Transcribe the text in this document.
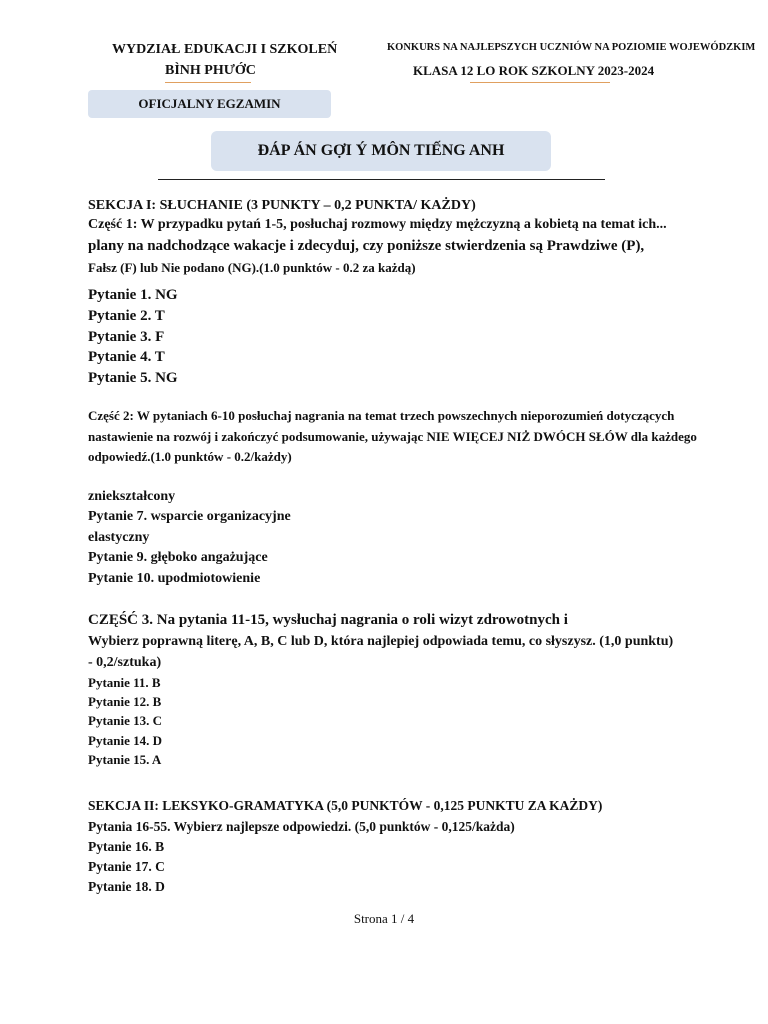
WYDZIAŁ EDUKACJI I SZKOLEŃ
BÌNH PHƯỚC
KONKURS NA NAJLEPSZYCH UCZNIÓW NA POZIOMIE WOJEWÓDZKIM
KLASA 12 LO ROK SZKOLNY 2023-2024
OFICJALNY EGZAMIN
ĐÁP ÁN GỢI Ý MÔN TIẾNG ANH
SEKCJA I: SŁUCHANIE (3 PUNKTY – 0,2 PUNKTA/ KAŻDY)
Część 1: W przypadku pytań 1-5, posłuchaj rozmowy między mężczyzną a kobietą na temat ich...
plany na nadchodzące wakacje i zdecyduj, czy poniższe stwierdzenia są Prawdziwe (P),
Fałsz (F) lub Nie podano (NG).(1.0 punktów - 0.2 za każdą)
Pytanie 1. NG
Pytanie 2. T
Pytanie 3. F
Pytanie 4. T
Pytanie 5. NG
Część 2: W pytaniach 6-10 posłuchaj nagrania na temat trzech powszechnych nieporozumień dotyczących
nastawienie na rozwój i zakończyć podsumowanie, używając NIE WIĘCEJ NIŻ DWÓCH SŁÓW dla każdego
odpowiedź.(1.0 punktów - 0.2/każdy)
zniekształcony
Pytanie 7. wsparcie organizacyjne
elastyczny
Pytanie 9. głęboko angażujące
Pytanie 10. upodmiotowienie
CZĘŚĆ 3. Na pytania 11-15, wysłuchaj nagrania o roli wizyt zdrowotnych i
Wybierz poprawną literę, A, B, C lub D, która najlepiej odpowiada temu, co słyszysz. (1,0 punktu)
- 0,2/sztuka)
Pytanie 11. B
Pytanie 12. B
Pytanie 13. C
Pytanie 14. D
Pytanie 15. A
SEKCJA II: LEKSYKO-GRAMATYKA (5,0 PUNKTÓW - 0,125 PUNKTU ZA KAŻDY)
Pytania 16-55. Wybierz najlepsze odpowiedzi. (5,0 punktów - 0,125/każda)
Pytanie 16. B
Pytanie 17. C
Pytanie 18. D
Strona 1 / 4
